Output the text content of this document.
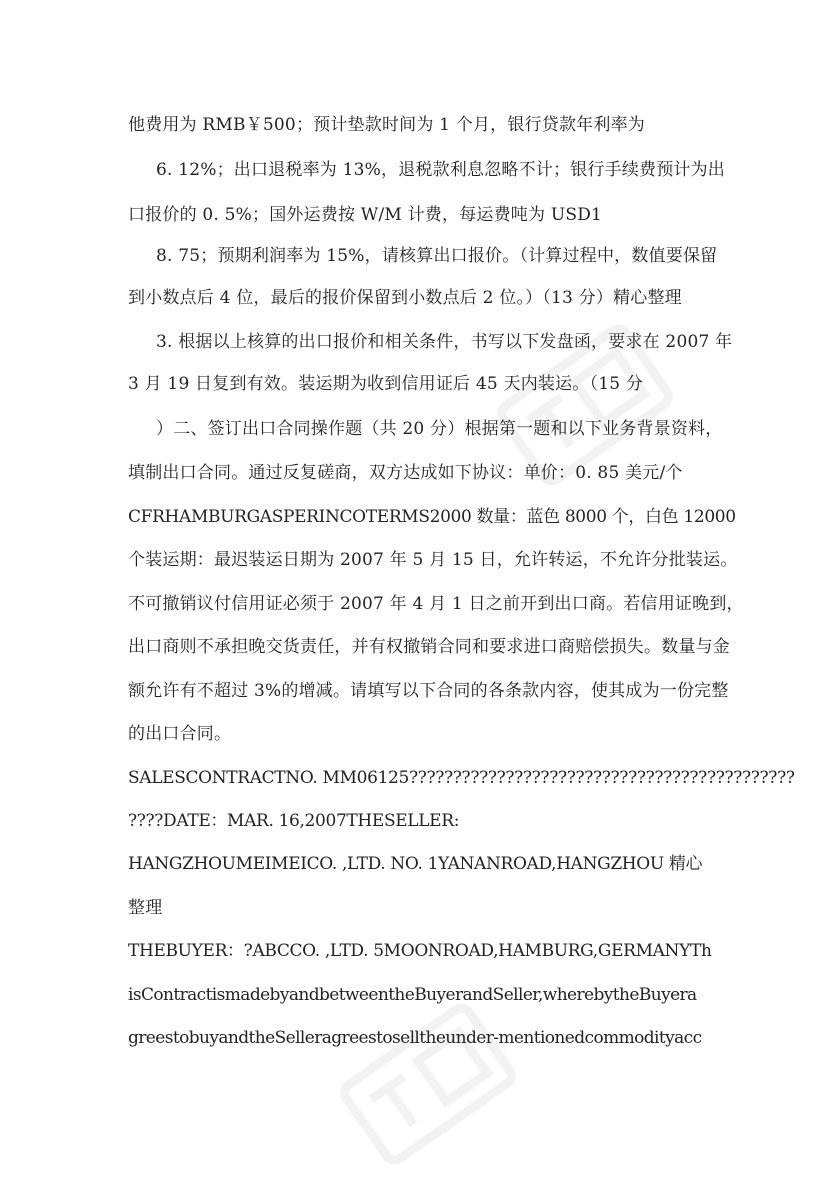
他费用为 RMB￥500；预计垫款时间为 1 个月，银行贷款年利率为
6. 12%；出口退税率为 13%，退税款利息忽略不计；银行手续费预计为出
口报价的 0. 5%；国外运费按 W/M 计费，每运费吨为 USD1
8. 75；预期利润率为 15%，请核算出口报价。（计算过程中，数值要保留
到小数点后 4 位，最后的报价保留到小数点后 2 位。）（13 分）精心整理
3. 根据以上核算的出口报价和相关条件，书写以下发盘函，要求在 2007 年
3 月 19 日复到有效。装运期为收到信用证后 45 天内装运。（15 分
）二、签订出口合同操作题（共 20 分）根据第一题和以下业务背景资料，
填制出口合同。通过反复磋商，双方达成如下协议：单价：0. 85 美元/个
CFRHAMBURGASPERINCOTERMS2000 数量：蓝色 8000 个，白色 12000
个装运期：最迟装运日期为 2007 年 5 月 15 日，允许转运，不允许分批装运。
不可撤销议付信用证必须于 2007 年 4 月 1 日之前开到出口商。若信用证晚到，
出口商则不承担晚交货责任，并有权撤销合同和要求进口商赔偿损失。数量与金
额允许有不超过 3%的增减。请填写以下合同的各条款内容，使其成为一份完整
的出口合同。
SALESCONTRACTNO. MM06125????????????????????????????????????????????
????DATE：MAR. 16,2007THESELLER:
HANGZHOUMEIMEICO. ,LTD. NO. 1YANANROAD,HANGZHOU 精心
整理
THEBUYER：?ABCCO. ,LTD. 5MOONROAD,HAMBURG,GERMANYTh
isContractismadebyandbetweentheBuyerandSeller,wherebytheBuyera
greestobuyandtheSelleragreestoselltheunder-mentionedcommodityacc
